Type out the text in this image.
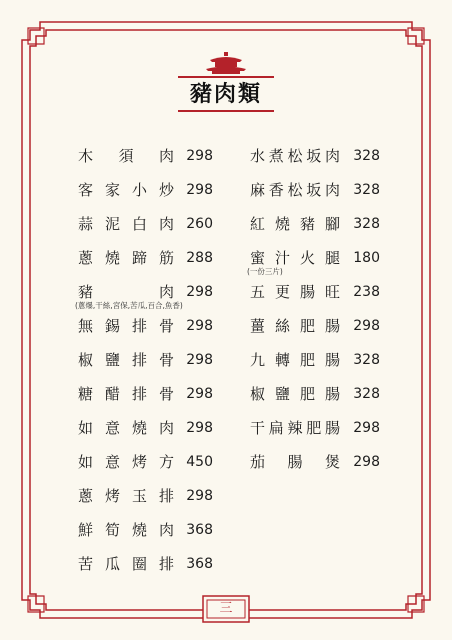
豬肉類
木 須 肉 298
客 家 小 炒 298
蒜 泥 白 肉 260
蔥 燒 蹄 筋 288
豬	肉 298
(蔥爆,干絲,宮保,苦瓜,百合,魚香)
無 錫 排 骨 298
椒 鹽 排 骨 298
糖 醋 排 骨 298
如 意 燒 肉 298
如 意 烤 方 450
蔥 烤 玉 排 298
鮮 筍 燒 肉 368
苦 瓜 圈 排 368
水 煮 松 坂 肉 328
麻 香 松 坂 肉 328
紅 燒 豬 腳 328
蜜 汁 火 腿 180
(一份三片)
五 更 腸 旺 238
薑 絲 肥 腸 298
九 轉 肥 腸 328
椒 鹽 肥 腸 328
干 扁 辣 肥 腸 298
茄 腸 煲 298
三
